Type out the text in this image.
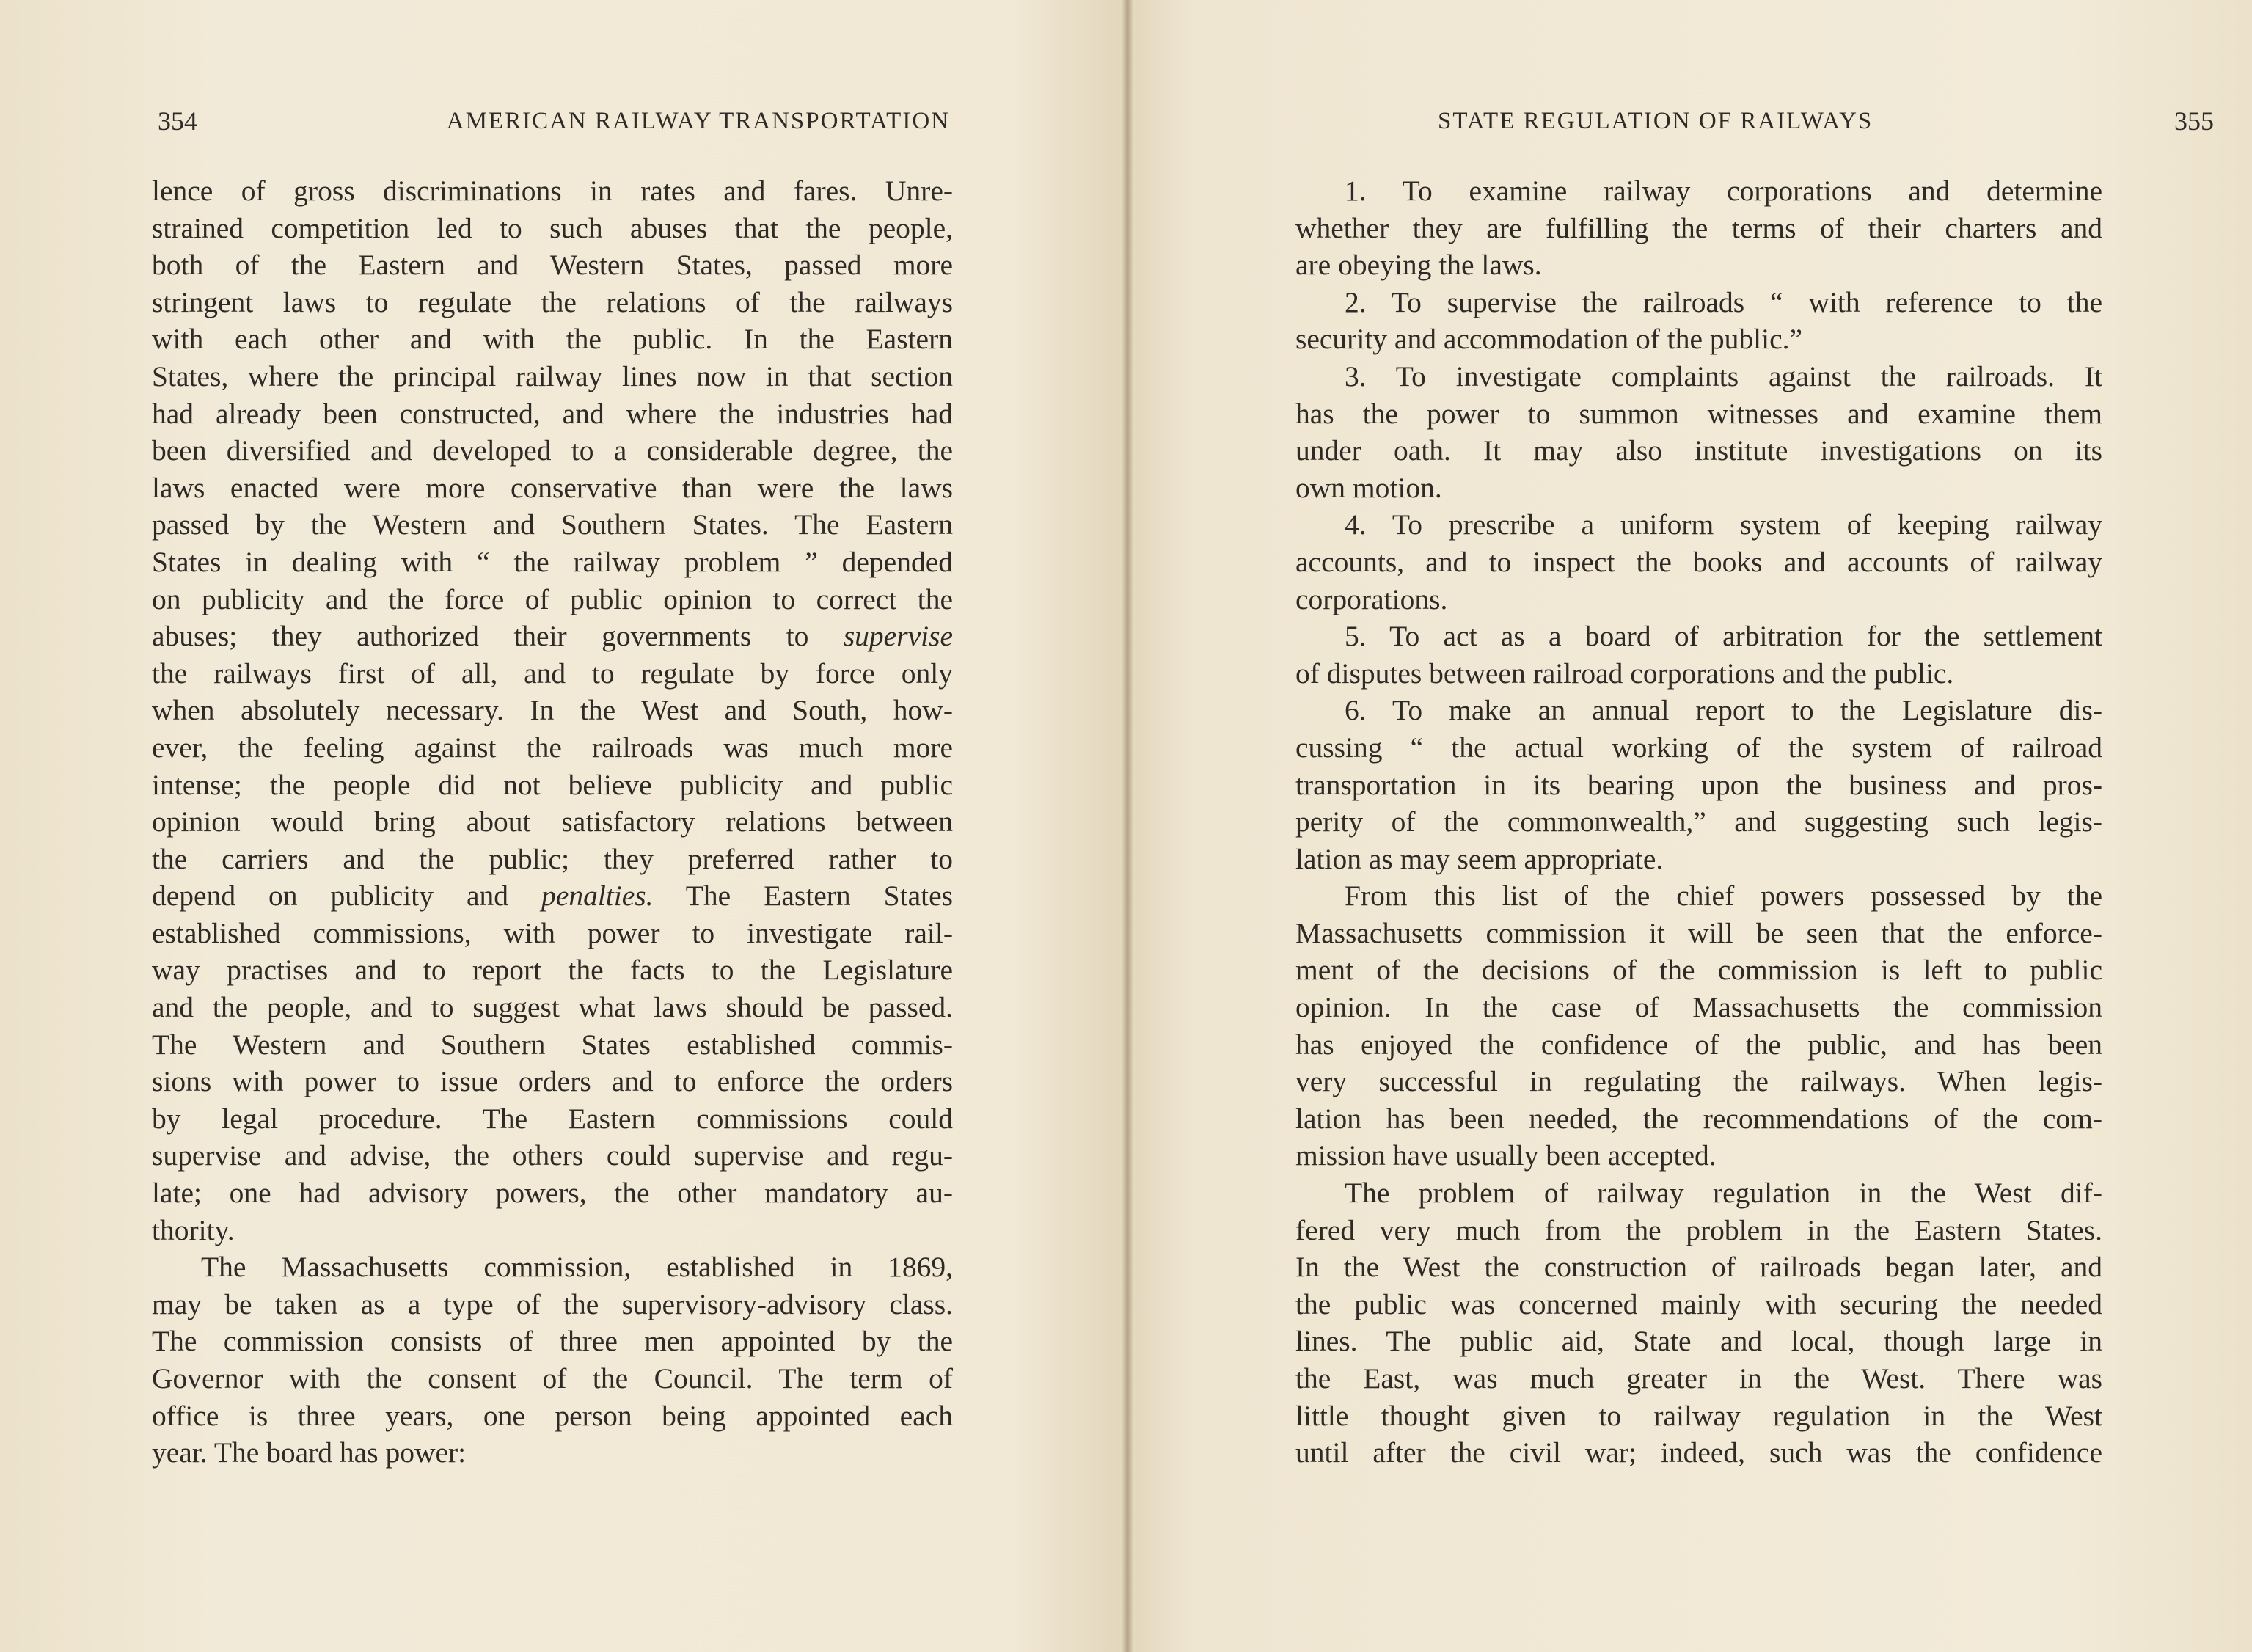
354	AMERICAN RAILWAY TRANSPORTATION
lence of gross discriminations in rates and fares. Unre-
strained competition led to such abuses that the people,
both of the Eastern and Western States, passed more
stringent laws to regulate the relations of the railways
with each other and with the public. In the Eastern
States, where the principal railway lines now in that section
had already been constructed, and where the industries had
been diversified and developed to a considerable degree, the
laws enacted were more conservative than were the laws
passed by the Western and Southern States. The Eastern
States in dealing with “ the railway problem ” depended
on publicity and the force of public opinion to correct the
abuses; they authorized their governments to supervise
the railways first of all, and to regulate by force only
when absolutely necessary. In the West and South, how-
ever, the feeling against the railroads was much more
intense; the people did not believe publicity and public
opinion would bring about satisfactory relations between
the carriers and the public; they preferred rather to
depend on publicity and penalties. The Eastern States
established commissions, with power to investigate rail-
way practises and to report the facts to the Legislature
and the people, and to suggest what laws should be passed.
The Western and Southern States established commis-
sions with power to issue orders and to enforce the orders
by legal procedure. The Eastern commissions could
supervise and advise, the others could supervise and regu-
late; one had advisory powers, the other mandatory au-
thority.
The Massachusetts commission, established in 1869,
may be taken as a type of the supervisory-advisory class.
The commission consists of three men appointed by the
Governor with the consent of the Council. The term of
office is three years, one person being appointed each
year. The board has power:
STATE REGULATION OF RAILWAYS	355
1. To examine railway corporations and determine
whether they are fulfilling the terms of their charters and
are obeying the laws.
2. To supervise the railroads “ with reference to the
security and accommodation of the public.”
3. To investigate complaints against the railroads. It
has the power to summon witnesses and examine them
under oath. It may also institute investigations on its
own motion.
4. To prescribe a uniform system of keeping railway
accounts, and to inspect the books and accounts of railway
corporations.
5. To act as a board of arbitration for the settlement
of disputes between railroad corporations and the public.
6. To make an annual report to the Legislature dis-
cussing “ the actual working of the system of railroad
transportation in its bearing upon the business and pros-
perity of the commonwealth,” and suggesting such legis-
lation as may seem appropriate.
From this list of the chief powers possessed by the
Massachusetts commission it will be seen that the enforce-
ment of the decisions of the commission is left to public
opinion. In the case of Massachusetts the commission
has enjoyed the confidence of the public, and has been
very successful in regulating the railways. When legis-
lation has been needed, the recommendations of the com-
mission have usually been accepted.
The problem of railway regulation in the West dif-
fered very much from the problem in the Eastern States.
In the West the construction of railroads began later, and
the public was concerned mainly with securing the needed
lines. The public aid, State and local, though large in
the East, was much greater in the West. There was
little thought given to railway regulation in the West
until after the civil war; indeed, such was the confidence
